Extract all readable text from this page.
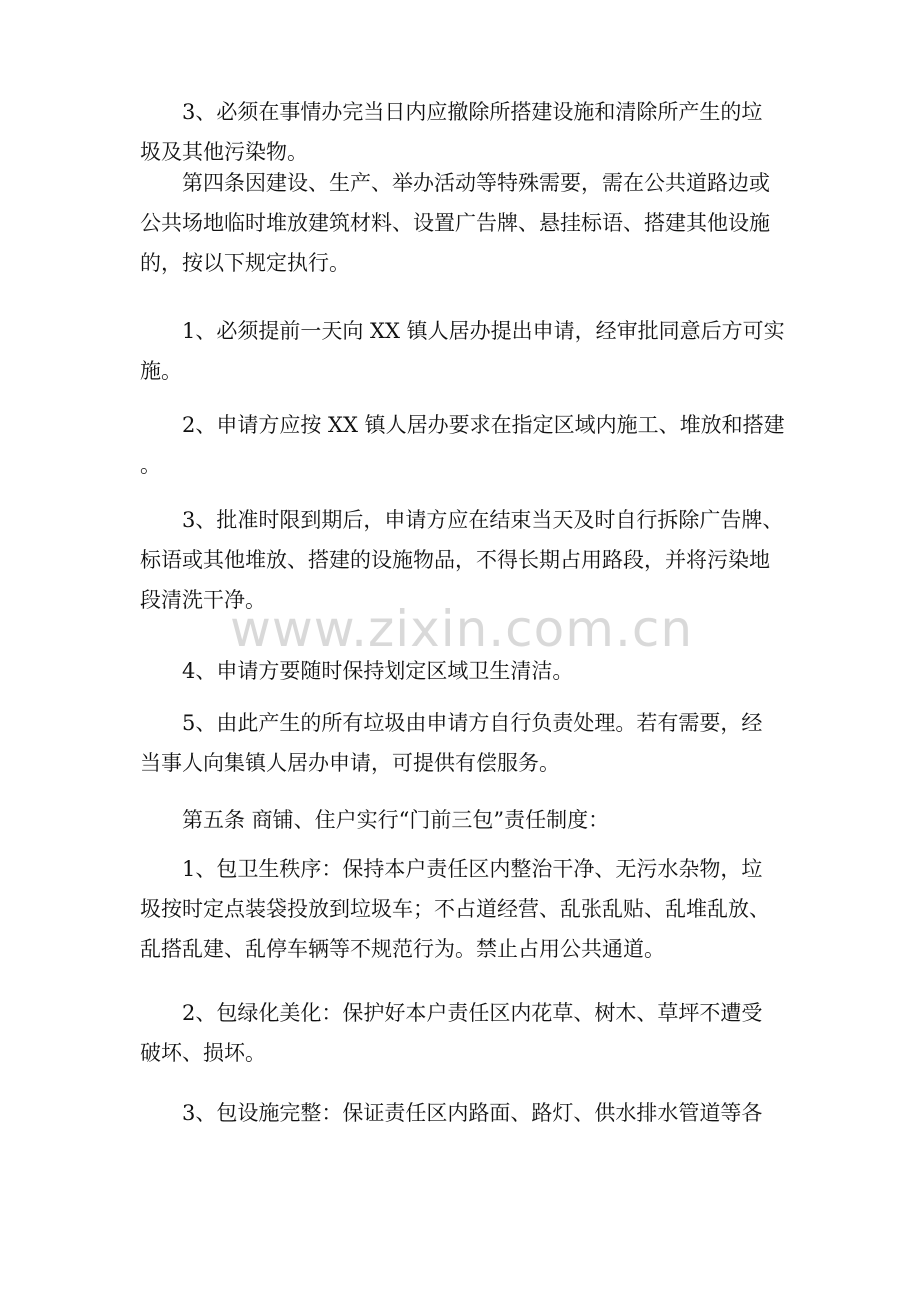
3、必须在事情办完当日内应撤除所搭建设施和清除所产生的垃
圾及其他污染物。

第四条因建设、生产、举办活动等特殊需要，需在公共道路边或
公共场地临时堆放建筑材料、设置广告牌、悬挂标语、搭建其他设施
的，按以下规定执行。

1、必须提前一天向 XX 镇人居办提出申请，经审批同意后方可实
施。

2、申请方应按 XX 镇人居办要求在指定区域内施工、堆放和搭建
。

3、批准时限到期后，申请方应在结束当天及时自行拆除广告牌、
标语或其他堆放、搭建的设施物品，不得长期占用路段，并将污染地
段清洗干净。

4、申请方要随时保持划定区域卫生清洁。

5、由此产生的所有垃圾由申请方自行负责处理。若有需要，经
当事人向集镇人居办申请，可提供有偿服务。

第五条 商铺、住户实行“门前三包”责任制度：

1、包卫生秩序：保持本户责任区内整治干净、无污水杂物，垃
圾按时定点装袋投放到垃圾车；不占道经营、乱张乱贴、乱堆乱放、
乱搭乱建、乱停车辆等不规范行为。禁止占用公共通道。

2、包绿化美化：保护好本户责任区内花草、树木、草坪不遭受
破坏、损坏。

3、包设施完整：保证责任区内路面、路灯、供水排水管道等各

www.zixin.com.cn
